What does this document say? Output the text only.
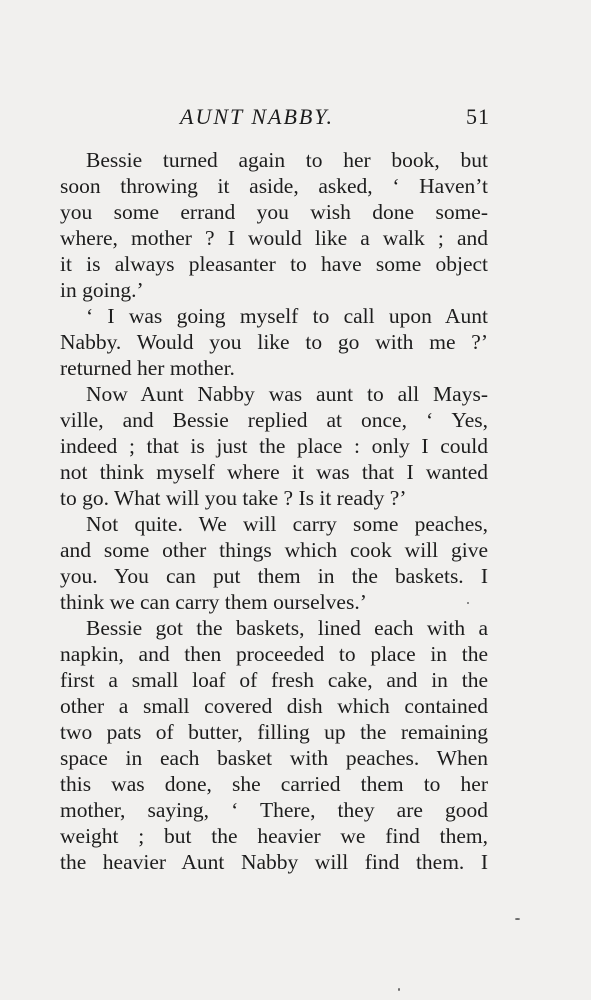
AUNT NABBY.	51
Bessie turned again to her book, but
soon throwing it aside, asked, ‘ Haven’t
you some errand you wish done some-
where, mother ? I would like a walk ; and
it is always pleasanter to have some object
in going.’
‘ I was going myself to call upon Aunt
Nabby. Would you like to go with me ?’
returned her mother.
Now Aunt Nabby was aunt to all Mays-
ville, and Bessie replied at once, ‘ Yes,
indeed ; that is just the place : only I could
not think myself where it was that I wanted
to go. What will you take ? Is it ready ?’
Not quite. We will carry some peaches,
and some other things which cook will give
you. You can put them in the baskets. I
think we can carry them ourselves.’
Bessie got the baskets, lined each with a
napkin, and then proceeded to place in the
first a small loaf of fresh cake, and in the
other a small covered dish which contained
two pats of butter, filling up the remaining
space in each basket with peaches. When
this was done, she carried them to her
mother, saying, ‘ There, they are good
weight ; but the heavier we find them,
the heavier Aunt Nabby will find them. I
